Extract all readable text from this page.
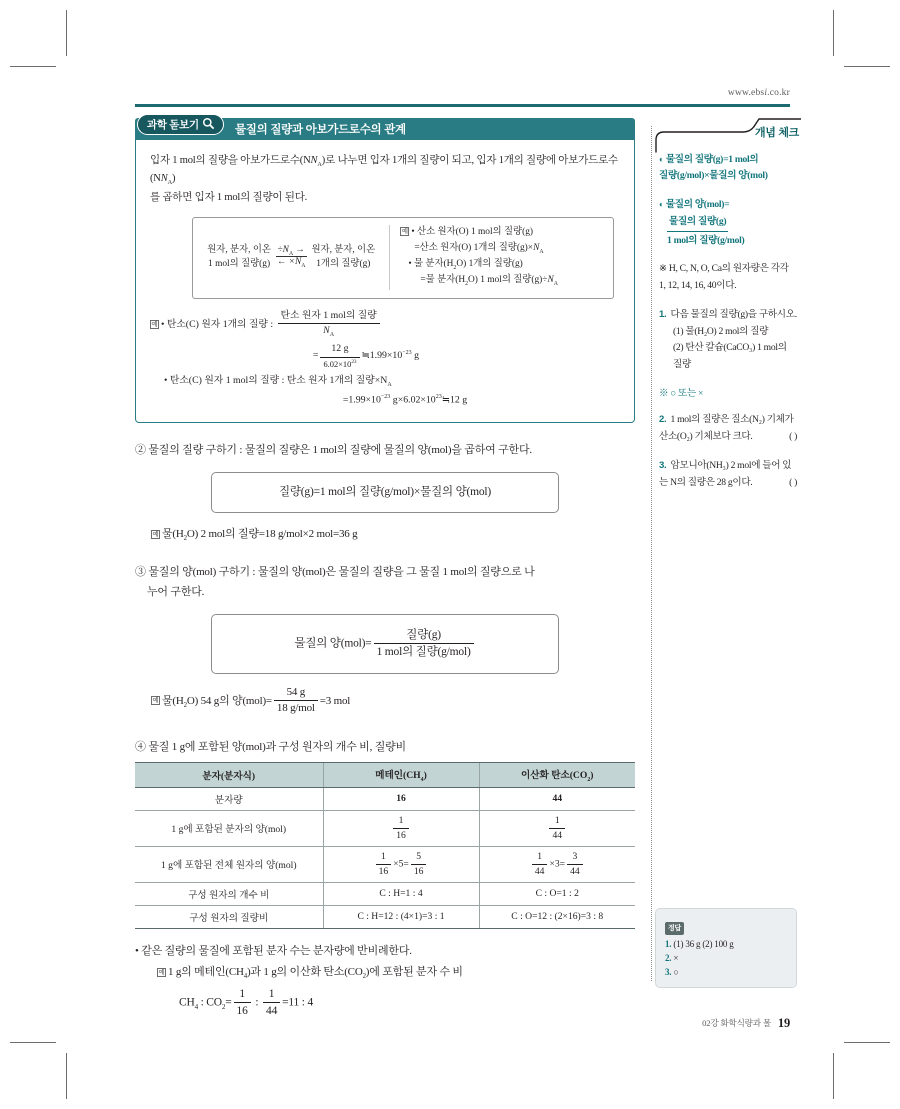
www.ebsi.co.kr
과학 돋보기	물질의 질량과 아보가드로수의 관계
입자 1 mol의 질량을 아보가드로수$(NN_A)$로 나누면 입자 1개의 질량이 되고, 입자 1개의 질량에 아보가드로수$(NN_A)$
를 곱하면 입자 1 mol의 질량이 된다.
원자, 분자, 이온
1 mol의 질량(g)
$\div N_A$ →
← $\times N_A$
원자, 분자, 이온
1개의 질량(g)
예 • 산소 원자(O) 1 mol의 질량(g)
=산소 원자(O) 1개의 질량$(g)\times N_A$
• 물 분자$(H_2O)$ 1개의 질량(g)
=물 분자$(H_2O)$ 1 mol의 질량$(g)\div N_A$
예 • 탄소(C) 원자 1개의 질량 : $\frac{\text{탄소 원자 1 mol의 질량}}{N_A}$
= $\frac{12 g}{6.02\times 10^{23}}$ $≒1.99\times 10^{-23}$ g
• 탄소(C) 원자 1 mol의 질량 : 탄소 원자 1개의 질량$\times N_A$
$=1.99\times 10^{-23}$ $g\times 6.02\times 10^{23}≒12$ g
② 물질의 질량 구하기 : 물질의 질량은 1 mol의 질량에 물질의 양(mol)을 곱하여 구한다.
질량(g)=1 mol의 질량(g/mol)×물질의 양(mol)
예 물$(H_2O)$ 2 mol의 질량=18 g/mol×2 mol=36 g
③ 물질의 양(mol) 구하기 : 물질의 양(mol)은 물질의 질량을 그 물질 1 mol의 질량으로 나
누어 구한다.
물질의 양$(mol)= \frac{\text{질량(g)}}{\text{1 mol의 질량(g/mol)}}$
예 물$(H_2O)$ 54 g의 양$(mol)= \frac{54 g}{\text{18 g/mol}} =3$ mol
④ 물질 1 g에 포함된 양(mol)과 구성 원자의 개수 비, 질량비
분자(분자식)	메테인$(CH_4)$	이산화 탄소$(CO_2)$
분자량	16	44
1 g에 포함된 분자의 양(mol)	$\frac{1}{16}$	$\frac{1}{44}$

1 g에 포함된 전체 원자의 양(mol)	$\frac{1}{16} \times 5= \frac{5}{16}$	$\frac{1}{44} \times 3= \frac{3}{44}$

구성 원자의 개수 비	C : H=1 : 4	C : O=1 : 2
구성 원자의 질량비	C : H=12 : (4×1)=3 : 1	C : O=12 : (2×16)=3 : 8
• 같은 질량의 물질에 포함된 분자 수는 분자량에 반비례한다.
예 1 g의 메테인$(CH_4)$과 1 g의 이산화 탄소$(CO_2)$에 포함된 분자 수 비
$CH_4$ : $CO_2= \frac{1}{16}$ : $\frac{1}{44} =11$ : 4
개념 체크
◐ 물질의 질량(g)=1 mol의
질량(g/mol)×물질의 양(mol)
◐ 물질의 양(mol)=
물질의 질량(g)
1 mol의 질량(g/mol)
※ H, C, N, O, Ca의 원자량은 각각 1, 12, 14, 16, 40이다.
1. 다음 물질의 질량(g)을 구하시오.
(1) 물(H₂O) 2 mol의 질량
(2) 탄산 칼슘(CaCO₃) 1 mol의 질량
※ ○ 또는 ×
2. 1 mol의 질량은 질소(N₂) 기체가 산소(O₂) 기체보다 크다.	( )
3. 암모니아(NH₃) 2 mol에 들어 있는 N의 질량은 28 g이다.	( )
정답
1. (1) 36 g (2) 100 g
2. ×
3. ○
02강 화학식량과 몰 19
